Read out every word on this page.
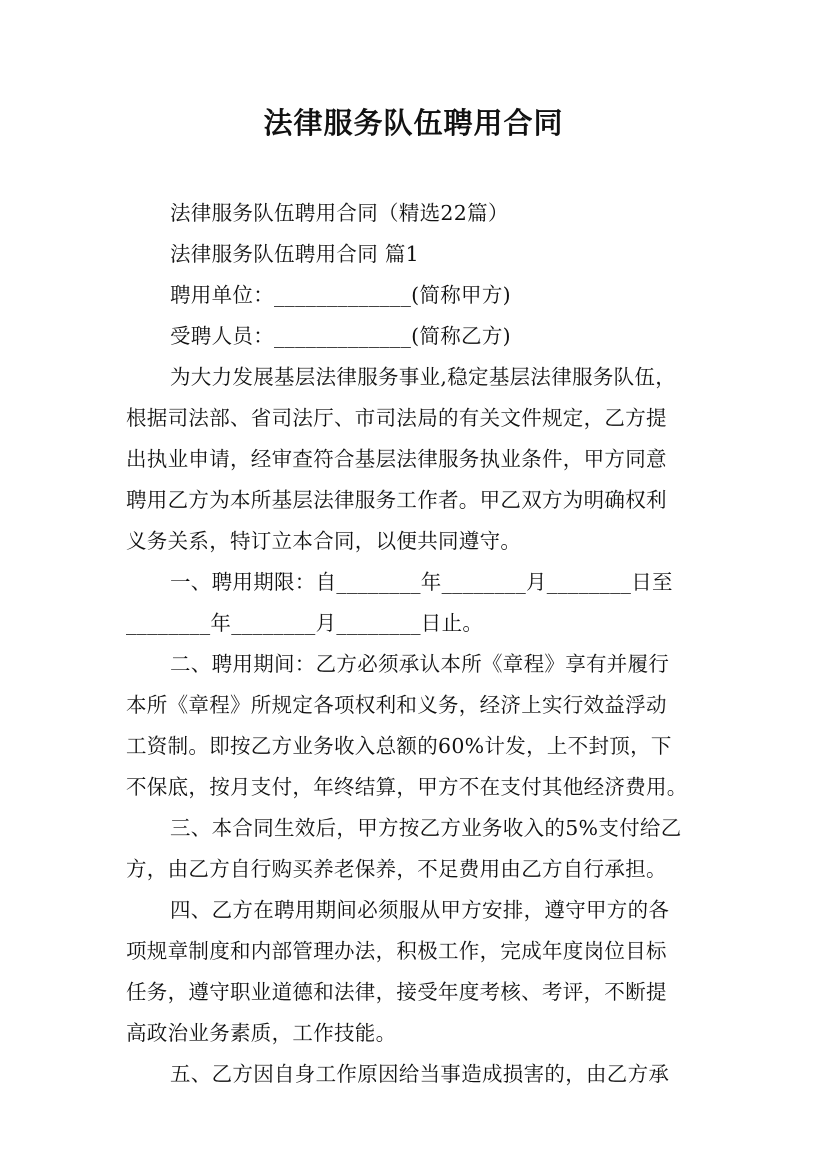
法律服务队伍聘用合同
法律服务队伍聘用合同（精选22篇）
法律服务队伍聘用合同 篇1
聘用单位：_____________(简称甲方)
受聘人员：_____________(简称乙方)
为大力发展基层法律服务事业,稳定基层法律服务队伍，
根据司法部、省司法厅、市司法局的有关文件规定，乙方提
出执业申请，经审查符合基层法律服务执业条件，甲方同意
聘用乙方为本所基层法律服务工作者。甲乙双方为明确权利
义务关系，特订立本合同，以便共同遵守。
一、聘用期限：自________年________月________日至
________年________月________日止。
二、聘用期间：乙方必须承认本所《章程》享有并履行
本所《章程》所规定各项权利和义务，经济上实行效益浮动
工资制。即按乙方业务收入总额的60%计发，上不封顶，下
不保底，按月支付，年终结算，甲方不在支付其他经济费用。
三、本合同生效后，甲方按乙方业务收入的5%支付给乙
方，由乙方自行购买养老保养，不足费用由乙方自行承担。
四、乙方在聘用期间必须服从甲方安排，遵守甲方的各
项规章制度和内部管理办法，积极工作，完成年度岗位目标
任务，遵守职业道德和法律，接受年度考核、考评，不断提
高政治业务素质，工作技能。
五、乙方因自身工作原因给当事造成损害的，由乙方承
